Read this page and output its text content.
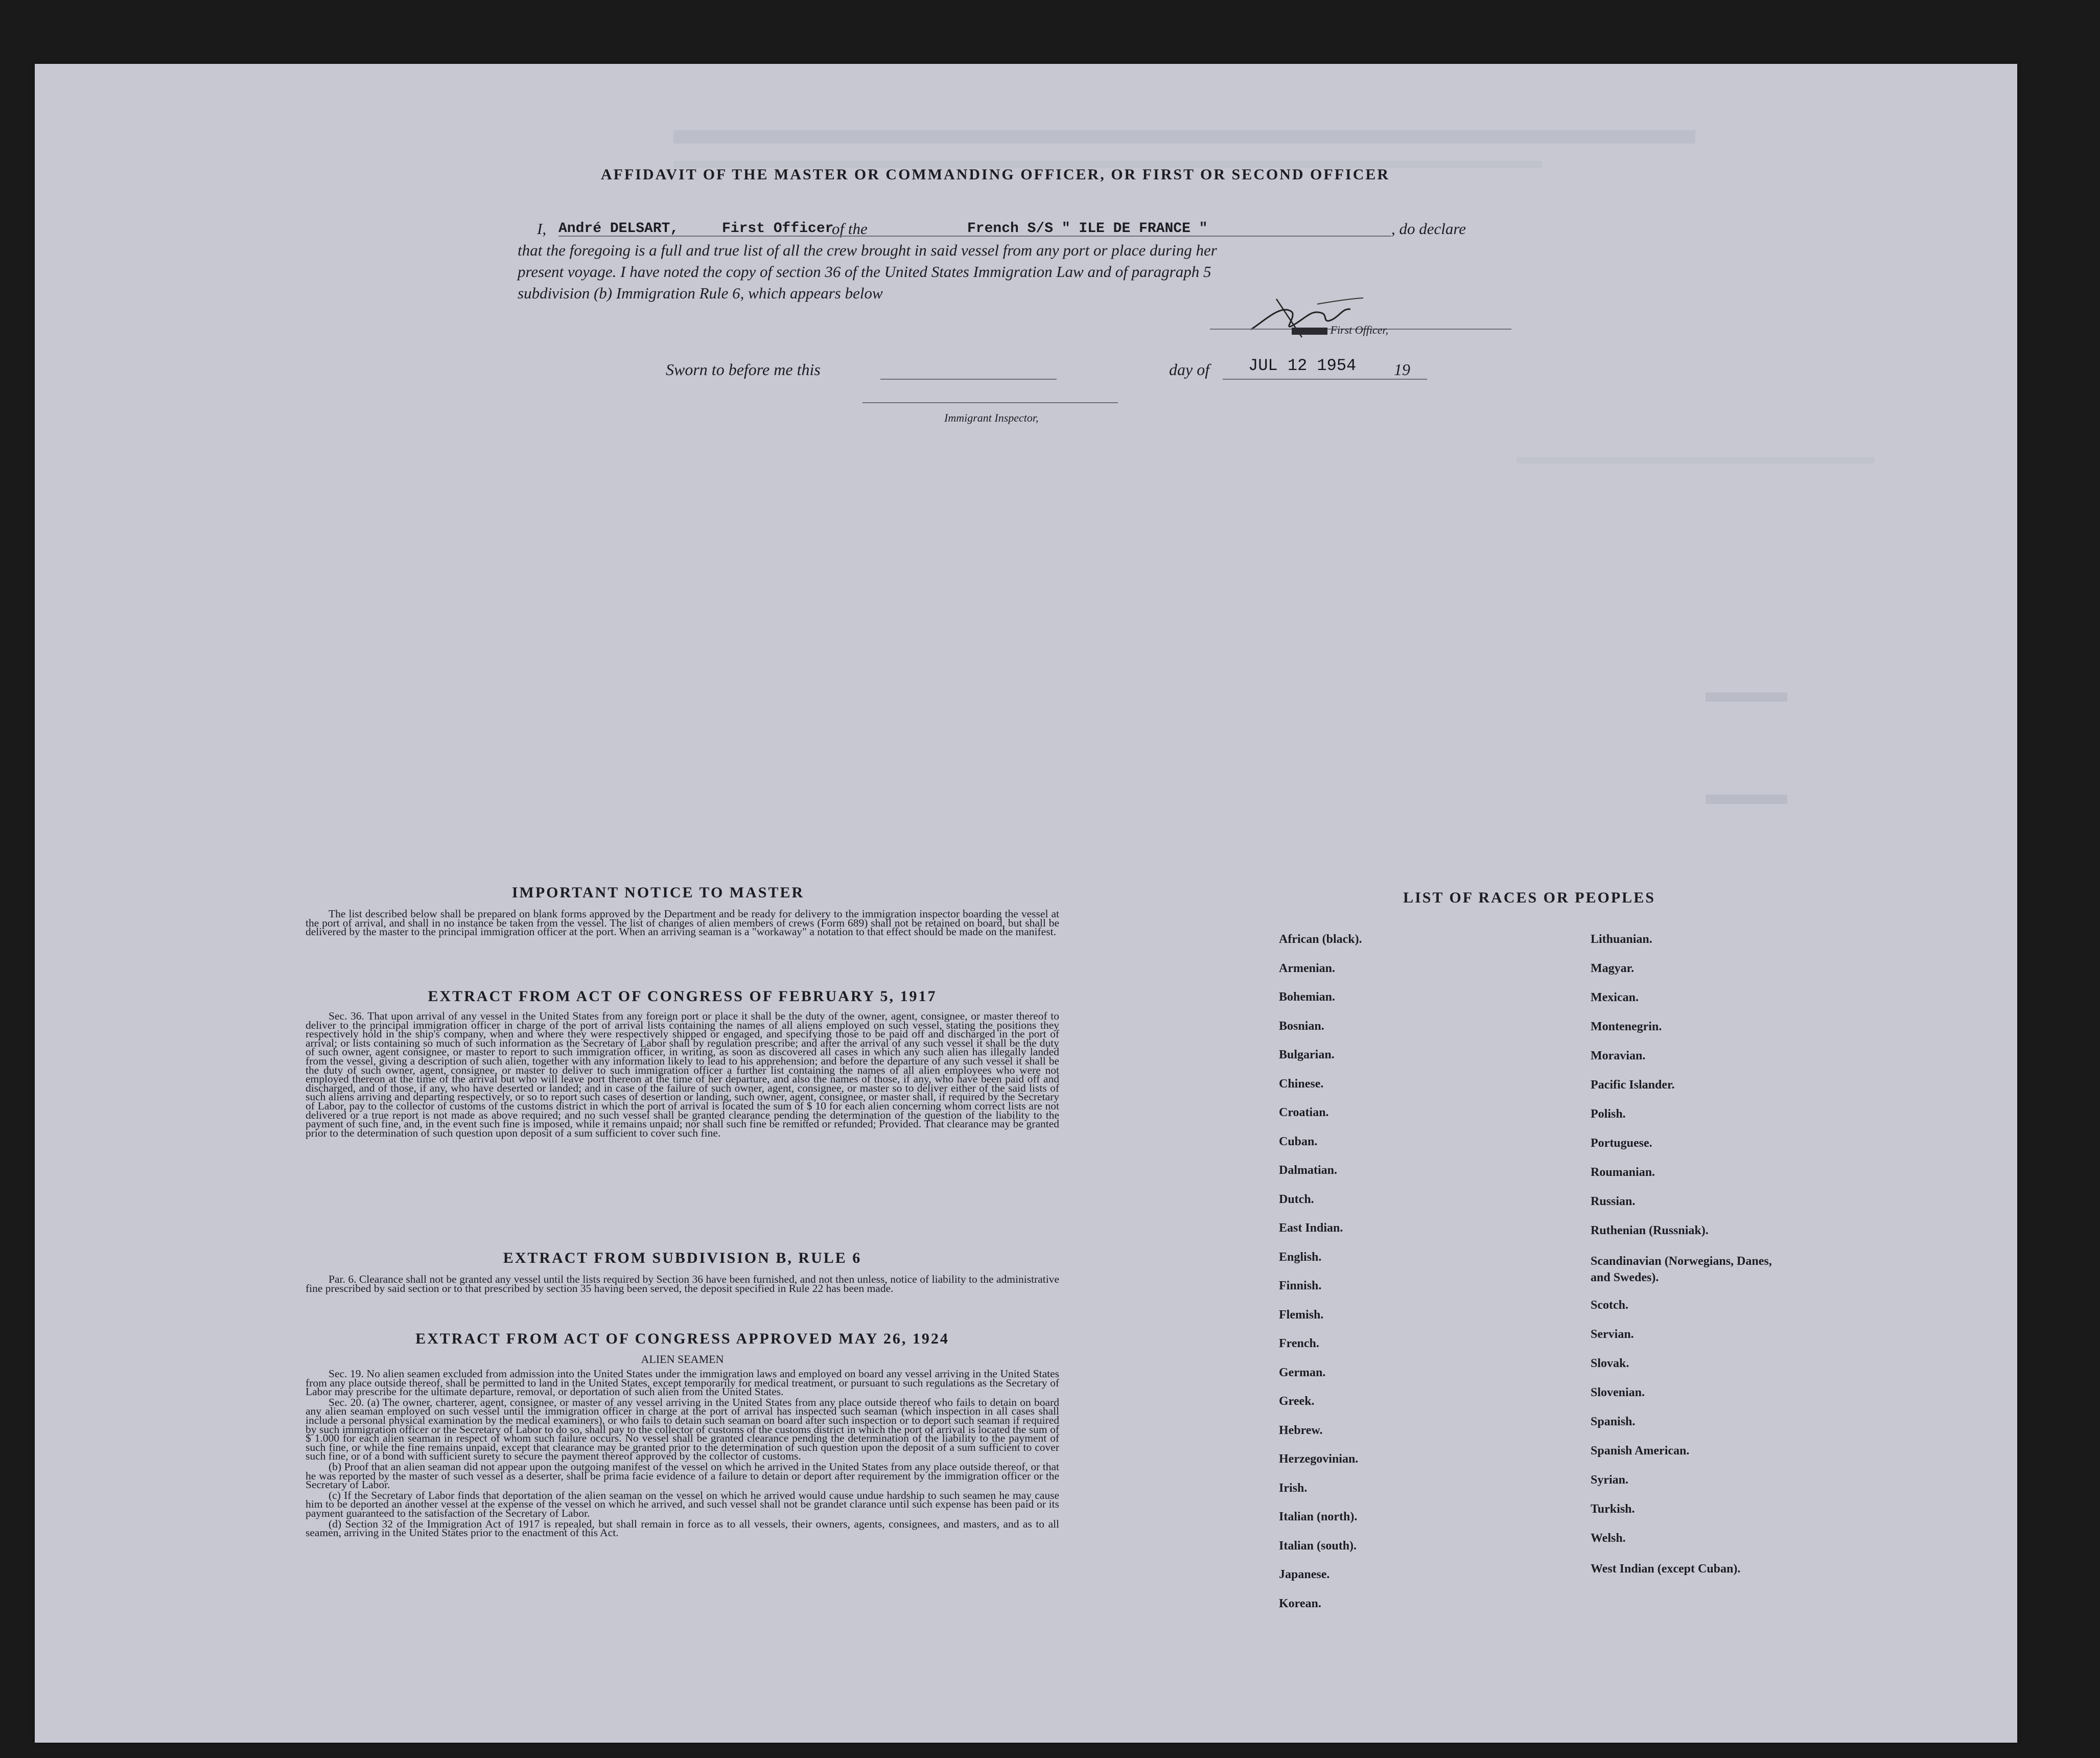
AFFIDAVIT OF THE MASTER OR COMMANDING OFFICER, OR FIRST OR SECOND OFFICER
I, André DELSART,	First Officer
of the	French S/S " ILE DE FRANCE "	, do declare
that the foregoing is a full and true list of all the crew brought in said vessel from any port or place during her
present voyage. I have noted the copy of section 36 of the United States Immigration Law and of paragraph 5
subdivision (b) Immigration Rule 6, which appears below
First Officer,
Sworn to before me this	day of JUL 12 1954 19
Immigrant Inspector,
IMPORTANT NOTICE TO MASTER

The list described below shall be prepared on blank forms approved by the Department and be ready for delivery to the immigration inspector boarding the vessel at the port of arrival, and shall in no instance be taken from the vessel. The list of changes of alien members of crews (Form 689) shall not be retained on board, but shall be delivered by the master to the principal immigration officer at the port. When an arriving seaman is a "workaway" a notation to that effect should be made on the manifest.

EXTRACT FROM ACT OF CONGRESS OF FEBRUARY 5, 1917

Sec. 36. That upon arrival of any vessel in the United States from any foreign port or place it shall be the duty of the owner, agent, consignee, or master thereof to deliver to the principal immigration officer in charge of the port of arrival lists containing the names of all aliens employed on such vessel, stating the positions they respectively hold in the ship's company, when and where they were respectively shipped or engaged, and specifying those to be paid off and discharged in the port of arrival; or lists containing so much of such information as the Secretary of Labor shall by regulation prescribe; and after the arrival of any such vessel it shall be the duty of such owner, agent consignee, or master to report to such immigration officer, in writing, as soon as discovered all cases in which any such alien has illegally landed from the vessel, giving a description of such alien, together with any information likely to lead to his apprehension; and before the departure of any such vessel it shall be the duty of such owner, agent, consignee, or master to deliver to such immigration officer a further list containing the names of all alien employees who were not employed thereon at the time of the arrival but who will leave port thereon at the time of her departure, and also the names of those, if any, who have been paid off and discharged, and of those, if any, who have deserted or landed; and in case of the failure of such owner, agent, consignee, or master so to deliver either of the said lists of such aliens arriving and departing respectively, or so to report such cases of desertion or landing, such owner, agent, consignee, or master shall, if required by the Secretary of Labor, pay to the collector of customs of the customs district in which the port of arrival is located the sum of $ 10 for each alien concerning whom correct lists are not delivered or a true report is not made as above required; and no such vessel shall be granted clearance pending the determination of the question of the liability to the payment of such fine, and, in the event such fine is imposed, while it remains unpaid; nor shall such fine be remitted or refunded; Provided. That clearance may be granted prior to the determination of such question upon deposit of a sum sufficient to cover such fine.

EXTRACT FROM SUBDIVISION B, RULE 6

Par. 6. Clearance shall not be granted any vessel until the lists required by Section 36 have been furnished, and not then unless, notice of liability to the administrative fine prescribed by said section or to that prescribed by section 35 having been served, the deposit specified in Rule 22 has been made.

EXTRACT FROM ACT OF CONGRESS APPROVED MAY 26, 1924
ALIEN SEAMEN

Sec. 19. No alien seamen excluded from admission into the United States under the immigration laws and employed on board any vessel arriving in the United States from any place outside thereof, shall be permitted to land in the United States, except temporarily for medical treatment, or pursuant to such regulations as the Secretary of Labor may prescribe for the ultimate departure, removal, or deportation of such alien from the United States.

Sec. 20. (a) The owner, charterer, agent, consignee, or master of any vessel arriving in the United States from any place outside thereof who fails to detain on board any alien seaman employed on such vessel until the immigration officer in charge at the port of arrival has inspected such seaman (which inspection in all cases shall include a personal physical examination by the medical examiners), or who fails to detain such seaman on board after such inspection or to deport such seaman if required by such immigration officer or the Secretary of Labor to do so, shall pay to the collector of customs of the customs district in which the port of arrival is located the sum of $ 1.000 for each alien seaman in respect of whom such failure occurs. No vessel shall be granted clearance pending the determination of the liability to the payment of such fine, or while the fine remains unpaid, except that clearance may be granted prior to the determination of such question upon the deposit of a sum sufficient to cover such fine, or of a bond with sufficient surety to secure the payment thereof approved by the collector of customs.

(b) Proof that an alien seaman did not appear upon the outgoing manifest of the vessel on which he arrived in the United States from any place outside thereof, or that he was reported by the master of such vessel as a deserter, shall be prima facie evidence of a failure to detain or deport after requirement by the immigration officer or the Secretary of Labor.

(c) If the Secretary of Labor finds that deportation of the alien seaman on the vessel on which he arrived would cause undue hardship to such seamen he may cause him to be deported an another vessel at the expense of the vessel on which he arrived, and such vessel shall not be grandet clarance until such expense has been paid or its payment guaranteed to the satisfaction of the Secretary of Labor.

(d) Section 32 of the Immigration Act of 1917 is repealed, but shall remain in force as to all vessels, their owners, agents, consignees, and masters, and as to all seamen, arriving in the United States prior to the enactment of this Act.

LIST OF RACES OR PEOPLES
African (black).
Armenian.
Bohemian.
Bosnian.
Bulgarian.
Chinese.
Croatian.
Cuban.
Dalmatian.
Dutch.
East Indian.
English.
Finnish.
Flemish.
French.
German.
Greek.
Hebrew.
Herzegovinian.
Irish.
Italian (north).
Italian (south).
Japanese.
Korean.
Lithuanian.
Magyar.
Mexican.
Montenegrin.
Moravian.
Pacific Islander.
Polish.
Portuguese.
Roumanian.
Russian.
Ruthenian (Russniak).
Scandinavian (Norwegians, Danes, and Swedes).
Scotch.
Servian.
Slovak.
Slovenian.
Spanish.
Spanish American.
Syrian.
Turkish.
Welsh.
West Indian (except Cuban).
